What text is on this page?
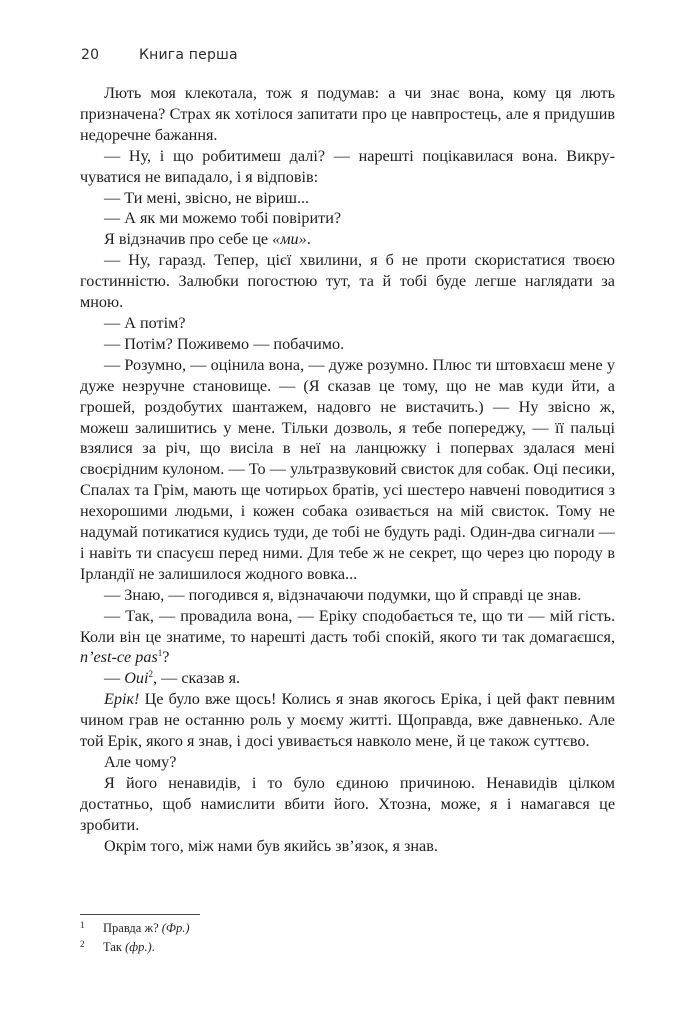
20	Книга перша

Лють моя клекотала, тож я подумав: а чи знає вона, кому ця лють призначена? Страх як хотілося запитати про це навпростець, але я придушив недоречне бажання.

— Ну, і що робитимеш далі? — нарешті поцікавилася вона. Викручуватися не випадало, і я відповів:

— Ти мені, звісно, не віриш...

— А як ми можемо тобі повірити?

Я відзначив про себе це «ми».

— Ну, гаразд. Тепер, цієї хвилини, я б не проти скористатися твоєю гостинністю. Залюбки погостюю тут, та й тобі буде легше наглядати за мною.

— А потім?

— Потім? Поживемо — побачимо.

— Розумно, — оцінила вона, — дуже розумно. Плюс ти штовхаєш мене у дуже незручне становище. — (Я сказав це тому, що не мав куди йти, а грошей, роздобутих шантажем, надовго не вистачить.) — Ну звісно ж, можеш залишитись у мене. Тільки дозволь, я тебе попереджу, — її пальці взялися за річ, що висіла в неї на ланцюжку і попервах здалася мені своєрідним кулоном. — То — ультразвуковий свисток для собак. Оці песики, Спалах та Грім, мають ще чотирьох братів, усі шестеро навчені поводитися з нехорошими людьми, і кожен собака озивається на мій свисток. Тому не надумай потикатися кудись туди, де тобі не будуть раді. Один-два сигнали — і навіть ти спасуєш перед ними. Для тебе ж не секрет, що через цю породу в Ірландії не залишилося жодного вовка...

— Знаю, — погодився я, відзначаючи подумки, що й справді це знав.

— Так, — провадила вона, — Еріку сподобається те, що ти — мій гість. Коли він це знатиме, то нарешті дасть тобі спокій, якого ти так домагаєшся, n’est-ce pas$^1$?

— Oui$^2$, — сказав я.

Ерік! Це було вже щось! Колись я знав якогось Еріка, і цей факт певним чином грав не останню роль у моєму житті. Щоправда, вже давненько. Але той Ерік, якого я знав, і досі увивається навколо мене, й це також суттєво.

Але чому?

Я його ненавидів, і то було єдиною причиною. Ненавидів цілком достатньо, щоб намислити вбити його. Хтозна, може, я і намагався це зробити.

Окрім того, між нами був якийсь зв’язок, я знав.

1 Правда ж? (Фр.)
2 Так (фр.).
